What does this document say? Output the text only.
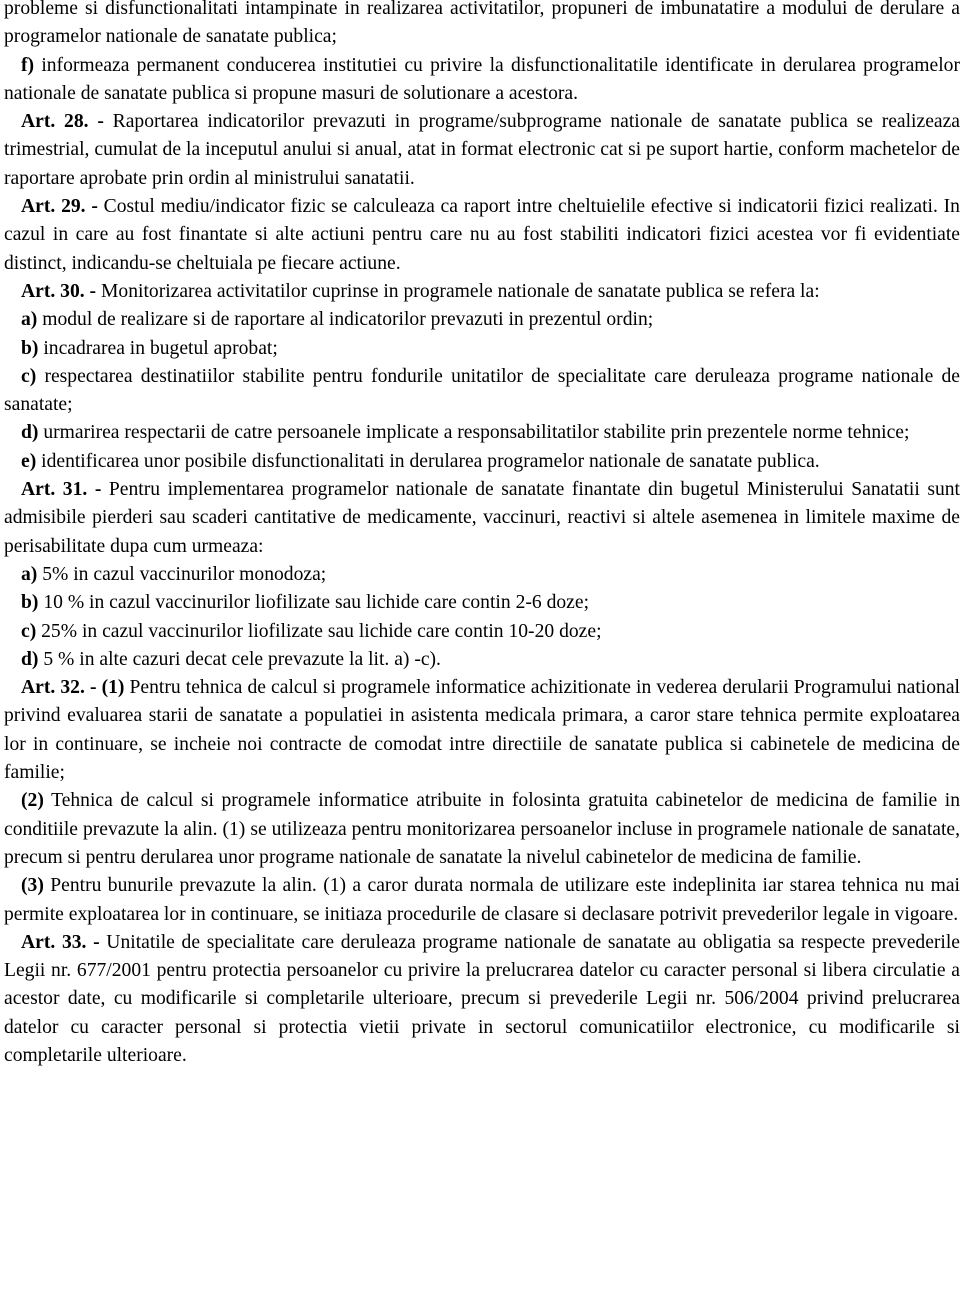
probleme si disfunctionalitati intampinate in realizarea activitatilor, propuneri de imbunatatire a modului de derulare a programelor nationale de sanatate publica;

f) informeaza permanent conducerea institutiei cu privire la disfunctionalitatile identificate in derularea programelor nationale de sanatate publica si propune masuri de solutionare a acestora.

Art. 28. - Raportarea indicatorilor prevazuti in programe/subprograme nationale de sanatate publica se realizeaza trimestrial, cumulat de la inceputul anului si anual, atat in format electronic cat si pe suport hartie, conform machetelor de raportare aprobate prin ordin al ministrului sanatatii.

Art. 29. - Costul mediu/indicator fizic se calculeaza ca raport intre cheltuielile efective si indicatorii fizici realizati. In cazul in care au fost finantate si alte actiuni pentru care nu au fost stabiliti indicatori fizici acestea vor fi evidentiate distinct, indicandu-se cheltuiala pe fiecare actiune.

Art. 30. - Monitorizarea activitatilor cuprinse in programele nationale de sanatate publica se refera la:

a) modul de realizare si de raportare al indicatorilor prevazuti in prezentul ordin;

b) incadrarea in bugetul aprobat;

c) respectarea destinatiilor stabilite pentru fondurile unitatilor de specialitate care deruleaza programe nationale de sanatate;

d) urmarirea respectarii de catre persoanele implicate a responsabilitatilor stabilite prin prezentele norme tehnice;

e) identificarea unor posibile disfunctionalitati in derularea programelor nationale de sanatate publica.

Art. 31. - Pentru implementarea programelor nationale de sanatate finantate din bugetul Ministerului Sanatatii sunt admisibile pierderi sau scaderi cantitative de medicamente, vaccinuri, reactivi si altele asemenea in limitele maxime de perisabilitate dupa cum urmeaza:

a) 5% in cazul vaccinurilor monodoza;

b) 10 % in cazul vaccinurilor liofilizate sau lichide care contin 2-6 doze;

c) 25% in cazul vaccinurilor liofilizate sau lichide care contin 10-20 doze;

d) 5 % in alte cazuri decat cele prevazute la lit. a) -c).

Art. 32. - (1) Pentru tehnica de calcul si programele informatice achizitionate in vederea derularii Programului national privind evaluarea starii de sanatate a populatiei in asistenta medicala primara, a caror stare tehnica permite exploatarea lor in continuare, se incheie noi contracte de comodat intre directiile de sanatate publica si cabinetele de medicina de familie;

(2) Tehnica de calcul si programele informatice atribuite in folosinta gratuita cabinetelor de medicina de familie in conditiile prevazute la alin. (1) se utilizeaza pentru monitorizarea persoanelor incluse in programele nationale de sanatate, precum si pentru derularea unor programe nationale de sanatate la nivelul cabinetelor de medicina de familie.

(3) Pentru bunurile prevazute la alin. (1) a caror durata normala de utilizare este indeplinita iar starea tehnica nu mai permite exploatarea lor in continuare, se initiaza procedurile de clasare si declasare potrivit prevederilor legale in vigoare.

Art. 33. - Unitatile de specialitate care deruleaza programe nationale de sanatate au obligatia sa respecte prevederile Legii nr. 677/2001 pentru protectia persoanelor cu privire la prelucrarea datelor cu caracter personal si libera circulatie a acestor date, cu modificarile si completarile ulterioare, precum si prevederile Legii nr. 506/2004 privind prelucrarea datelor cu caracter personal si protectia vietii private in sectorul comunicatiilor electronice, cu modificarile si completarile ulterioare.
